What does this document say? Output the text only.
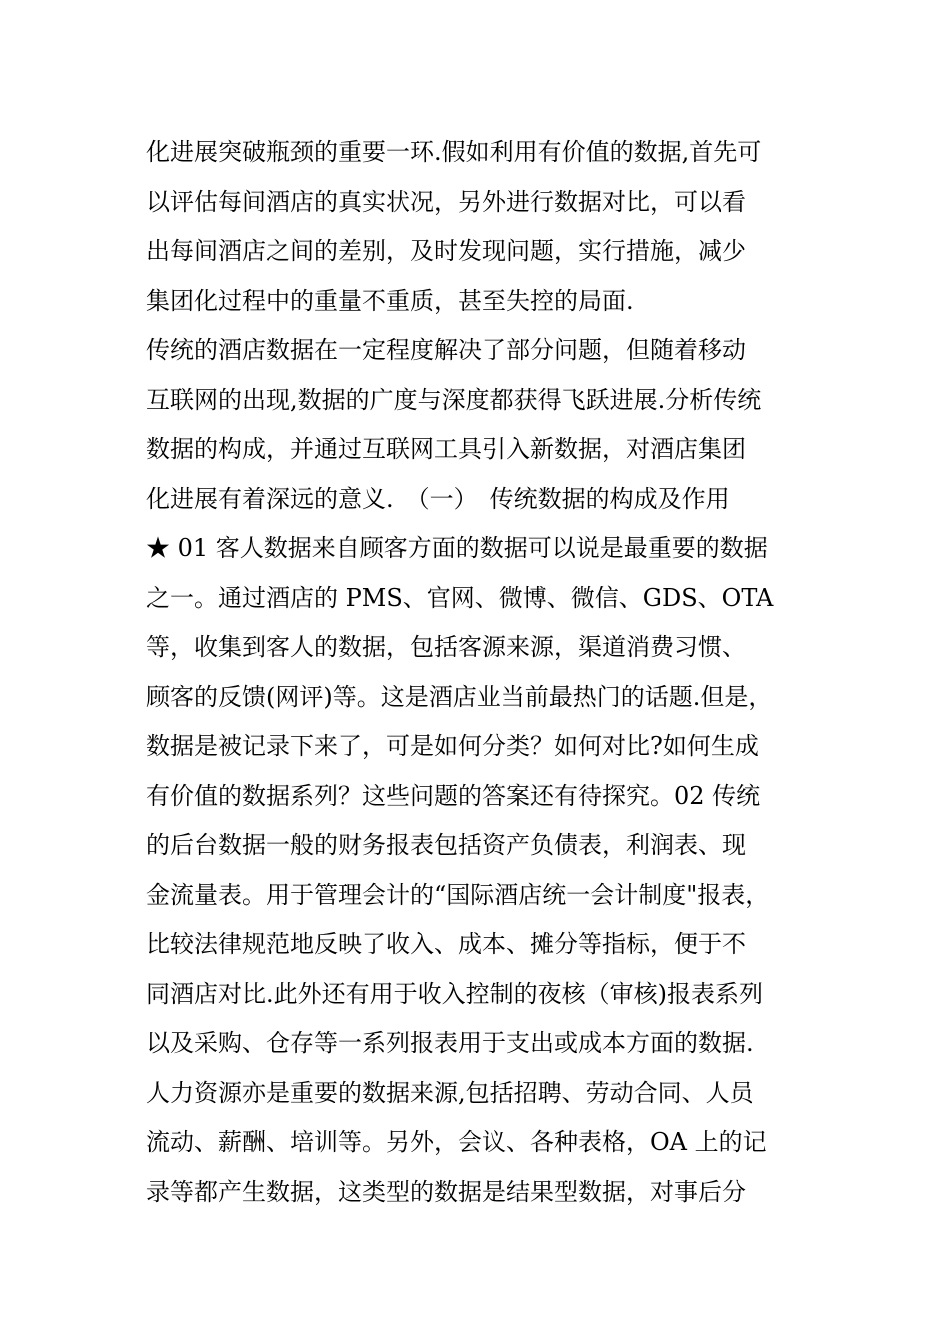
化进展突破瓶颈的重要一环.假如利用有价值的数据,首先可
以评估每间酒店的真实状况，另外进行数据对比，可以看
出每间酒店之间的差别，及时发现问题，实行措施，减少
集团化过程中的重量不重质，甚至失控的局面.
传统的酒店数据在一定程度解决了部分问题，但随着移动
互联网的出现,数据的广度与深度都获得飞跃进展.分析传统
数据的构成，并通过互联网工具引入新数据，对酒店集团
化进展有着深远的意义.　（一）　传统数据的构成及作用
★ 01 客人数据来自顾客方面的数据可以说是最重要的数据
之一。通过酒店的 PMS、官网、微博、微信、GDS、OTA
等，收集到客人的数据，包括客源来源，渠道消费习惯、
顾客的反馈(网评)等。这是酒店业当前最热门的话题.但是，
数据是被记录下来了，可是如何分类？如何对比?如何生成
有价值的数据系列？这些问题的答案还有待探究。02 传统
的后台数据一般的财务报表包括资产负债表，利润表、现
金流量表。用于管理会计的“国际酒店统一会计制度"报表，
比较法律规范地反映了收入、成本、摊分等指标，便于不
同酒店对比.此外还有用于收入控制的夜核（审核)报表系列
以及采购、仓存等一系列报表用于支出或成本方面的数据.
人力资源亦是重要的数据来源,包括招聘、劳动合同、人员
流动、薪酬、培训等。另外，会议、各种表格，OA 上的记
录等都产生数据，这类型的数据是结果型数据，对事后分
